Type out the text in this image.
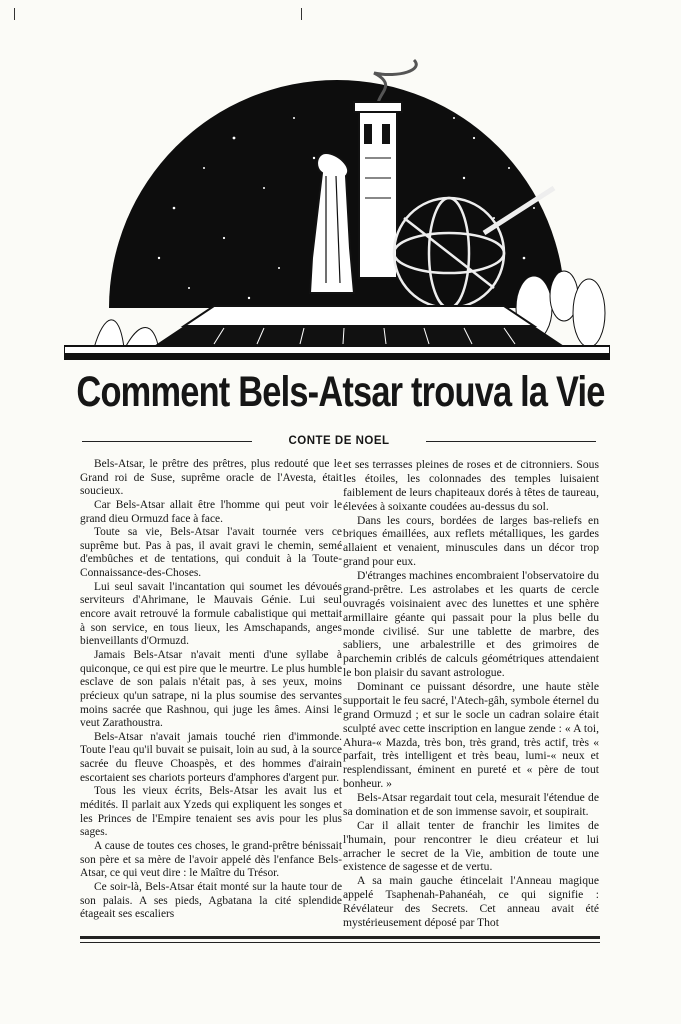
Comment Bels-Atsar trouva la Vie
CONTE DE NOEL

Bels-Atsar, le prêtre des prêtres, plus redouté que le Grand roi de Suse, suprême oracle de l'Avesta, était soucieux.

Car Bels-Atsar allait être l'homme qui peut voir le grand dieu Ormuzd face à face.

Toute sa vie, Bels-Atsar l'avait tournée vers ce suprême but. Pas à pas, il avait gravi le chemin, semé d'embûches et de tentations, qui conduit à la Toute-Connaissance-des-Choses.

Lui seul savait l'incantation qui soumet les dévoués serviteurs d'Ahrimane, le Mauvais Génie. Lui seul encore avait retrouvé la formule cabalistique qui mettait à son service, en tous lieux, les Amschapands, anges bienveillants d'Ormuzd.

Jamais Bels-Atsar n'avait menti d'une syllabe à quiconque, ce qui est pire que le meurtre. Le plus humble esclave de son palais n'était pas, à ses yeux, moins précieux qu'un satrape, ni la plus soumise des servantes moins sacrée que Rashnou, qui juge les âmes. Ainsi le veut Zarathoustra.

Bels-Atsar n'avait jamais touché rien d'immonde. Toute l'eau qu'il buvait se puisait, loin au sud, à la source sacrée du fleuve Choaspès, et des hommes d'airain escortaient ses chariots porteurs d'amphores d'argent pur.

Tous les vieux écrits, Bels-Atsar les avait lus et médités. Il parlait aux Yzeds qui expliquent les songes et les Princes de l'Empire tenaient ses avis pour les plus sages.

A cause de toutes ces choses, le grand-prêtre bénissait son père et sa mère de l'avoir appelé dès l'enfance Bels-Atsar, ce qui veut dire : le Maître du Trésor.

Ce soir-là, Bels-Atsar était monté sur la haute tour de son palais. A ses pieds, Agbatana la cité splendide étageait ses escaliers

et ses terrasses pleines de roses et de citronniers. Sous les étoiles, les colonnades des temples luisaient faiblement de leurs chapiteaux dorés à têtes de taureau, élevées à soixante coudées au-dessus du sol.

Dans les cours, bordées de larges bas-reliefs en briques émaillées, aux reflets métalliques, les gardes allaient et venaient, minuscules dans un décor trop grand pour eux.

D'étranges machines encombraient l'observatoire du grand-prêtre. Les astrolabes et les quarts de cercle ouvragés voisinaient avec des lunettes et une sphère armillaire géante qui passait pour la plus belle du monde civilisé. Sur une tablette de marbre, des sabliers, une arbalestrille et des grimoires de parchemin criblés de calculs géométriques attendaient le bon plaisir du savant astrologue.

Dominant ce puissant désordre, une haute stèle supportait le feu sacré, l'Atech-gâh, symbole éternel du grand Ormuzd ; et sur le socle un cadran solaire était sculpté avec cette inscription en langue zende : « A toi, Ahura-« Mazda, très bon, très grand, très actif, très « parfait, très intelligent et très beau, lumi-« neux et resplendissant, éminent en pureté et « père de tout bonheur. »

Bels-Atsar regardait tout cela, mesurait l'étendue de sa domination et de son immense savoir, et soupirait.

Car il allait tenter de franchir les limites de l'humain, pour rencontrer le dieu créateur et lui arracher le secret de la Vie, ambition de toute une existence de sagesse et de vertu.

A sa main gauche étincelait l'Anneau magique appelé Tsaphenah-Pahanéah, ce qui signifie : Révélateur des Secrets. Cet anneau avait été mystérieusement déposé par Thot
